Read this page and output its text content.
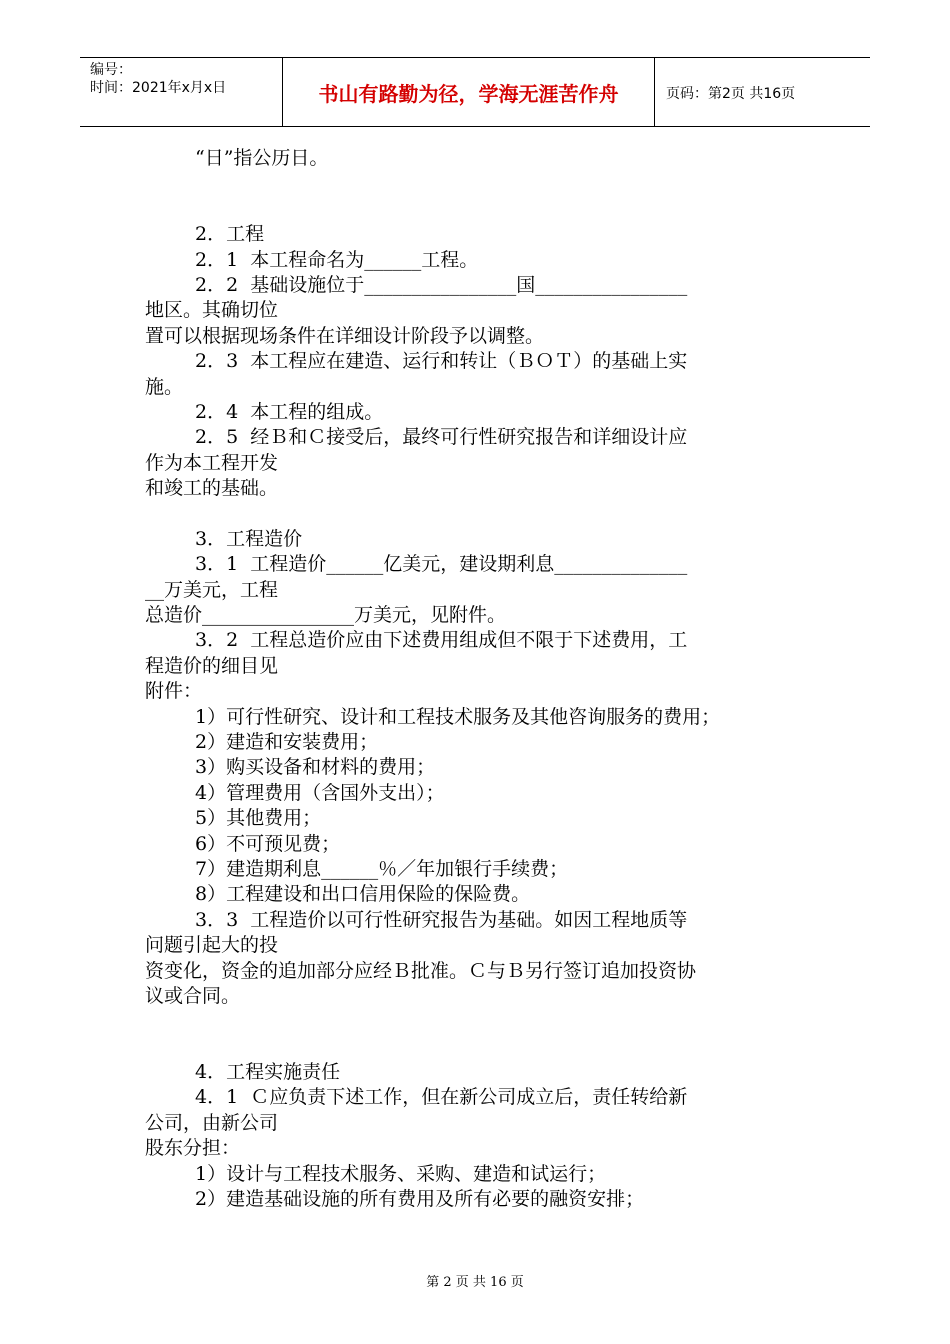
编号：
时间：2021年x月x日	书山有路勤为径，学海无涯苦作舟	页码：第2页 共16页
“日”指公历日。
2．工程
2．1  本工程命名为______工程。
2．2  基础设施位于________________国________________
地区。其确切位
置可以根据现场条件在详细设计阶段予以调整。
2．3  本工程应在建造、运行和转让（ＢＯＴ）的基础上实
施。
2．4  本工程的组成。
2．5  经Ｂ和Ｃ接受后，最终可行性研究报告和详细设计应
作为本工程开发
和竣工的基础。
3．工程造价
3．1  工程造价______亿美元，建设期利息______________
__万美元，工程
总造价________________万美元，见附件。
3．2  工程总造价应由下述费用组成但不限于下述费用，工
程造价的细目见
附件：
1）可行性研究、设计和工程技术服务及其他咨询服务的费用；
2）建造和安装费用；
3）购买设备和材料的费用；
4）管理费用（含国外支出）；
5）其他费用；
6）不可预见费；
7）建造期利息______％／年加银行手续费；
8）工程建设和出口信用保险的保险费。
3．3  工程造价以可行性研究报告为基础。如因工程地质等
问题引起大的投
资变化，资金的追加部分应经Ｂ批准。Ｃ与Ｂ另行签订追加投资协
议或合同。
4．工程实施责任
4．1  Ｃ应负责下述工作，但在新公司成立后，责任转给新
公司，由新公司
股东分担：
1）设计与工程技术服务、采购、建造和试运行；
2）建造基础设施的所有费用及所有必要的融资安排；
第 2 页 共 16 页
